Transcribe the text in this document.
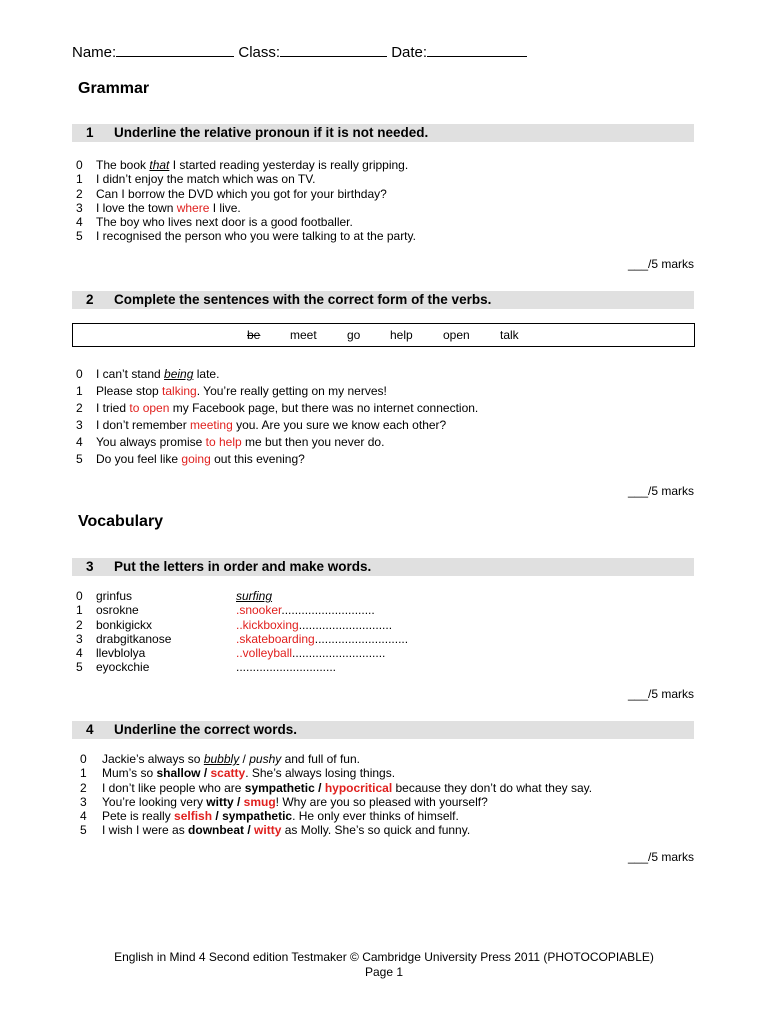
Name:	Class:	Date:
Grammar
1 Underline the relative pronoun if it is not needed.
0 The book that I started reading yesterday is really gripping.
1 I didn’t enjoy the match which was on TV.
2 Can I borrow the DVD which you got for your birthday?
3 I love the town where I live.
4 The boy who lives next door is a good footballer.
5 I recognised the person who you were talking to at the party.
___/5 marks
2 Complete the sentences with the correct form of the verbs.
be meet	go help	open	talk
0 I can’t stand being late.
1 Please stop talking. You’re really getting on my nerves!
2 I tried to open my Facebook page, but there was no internet connection.
3 I don’t remember meeting you. Are you sure we know each other?
4 You always promise to help me but then you never do.
5 Do you feel like going out this evening?
___/5 marks
Vocabulary
3 Put the letters in order and make words.
0 grinfus	surfing
1 osrokne	.snooker............................
2 bonkigickx	..kickboxing............................
3 drabgitkanose	.skateboarding............................
4 llevblolya	..volleyball............................
5 eyockchie	..............................
___/5 marks
4 Underline the correct words.
0 Jackie’s always so bubbly / pushy and full of fun.
1 Mum’s so shallow / scatty. She’s always losing things.
2 I don’t like people who are sympathetic / hypocritical because they don’t do what they say.
3 You’re looking very witty / smug! Why are you so pleased with yourself?
4 Pete is really selfish / sympathetic. He only ever thinks of himself.
5 I wish I were as downbeat / witty as Molly. She’s so quick and funny.
___/5 marks
English in Mind 4 Second edition Testmaker © Cambridge University Press 2011 (PHOTOCOPIABLE)
Page 1
